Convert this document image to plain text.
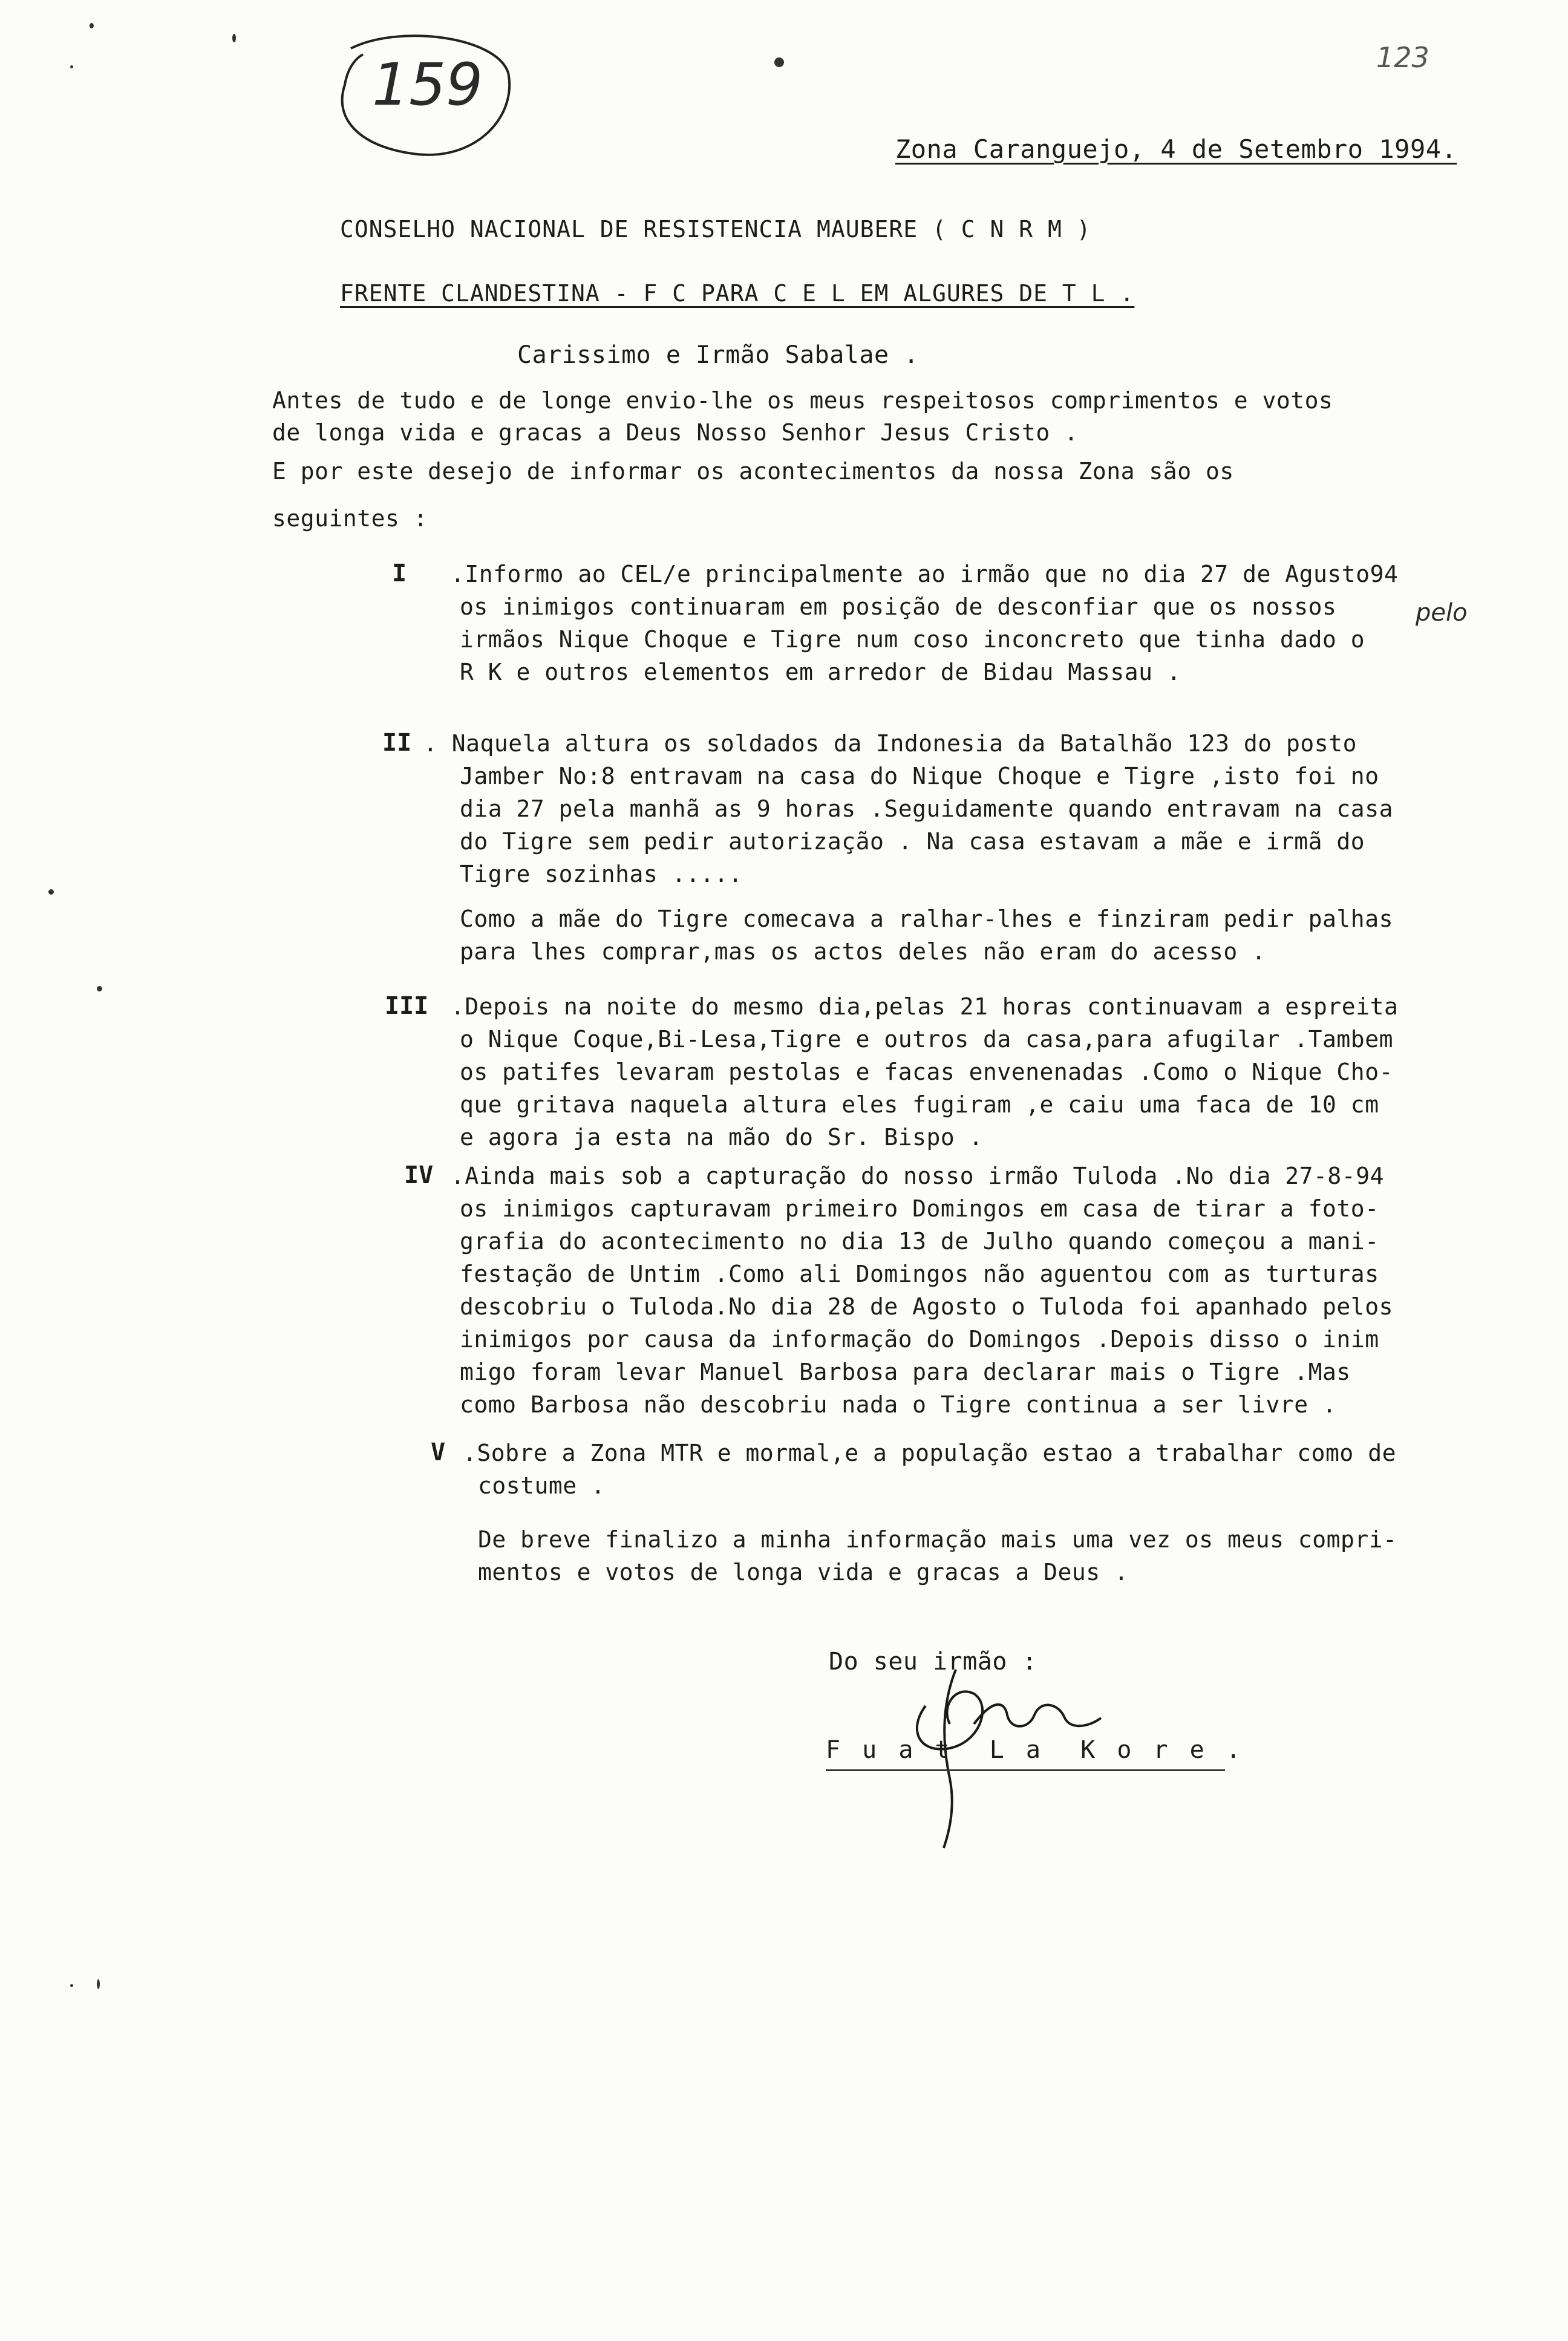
159	123
Zona Caranguejo, 4 de Setembro 1994.
CONSELHO NACIONAL DE RESISTENCIA MAUBERE ( C N R M )
FRENTE CLANDESTINA - F C PARA C E L EM ALGURES DE T L .
Carissimo e Irmão Sabalae .
Antes de tudo e de longe envio-lhe os meus respeitosos comprimentos e votos
de longa vida e gracas a Deus Nosso Senhor Jesus Cristo .
E por este desejo de informar os acontecimentos da nossa Zona são os
seguintes :
I .Informo ao CEL/e principalmente ao irmão que no dia 27 de Agusto94
os inimigos continuaram em posição de desconfiar que os nossos
irmãos Nique Choque e Tigre num coso inconcreto que tinha dado o
R K e outros elementos em arredor de Bidau Massau .
pelo
II . Naquela altura os soldados da Indonesia da Batalhão 123 do posto
Jamber No:8 entravam na casa do Nique Choque e Tigre ,isto foi no
dia 27 pela manhã as 9 horas .Seguidamente quando entravam na casa
do Tigre sem pedir autorização . Na casa estavam a mãe e irmã do
Tigre sozinhas .....
Como a mãe do Tigre comecava a ralhar-lhes e finziram pedir palhas
para lhes comprar,mas os actos deles não eram do acesso .
III .Depois na noite do mesmo dia,pelas 21 horas continuavam a espreita
o Nique Coque,Bi-Lesa,Tigre e outros da casa,para afugilar .Tambem
os patifes levaram pestolas e facas envenenadas .Como o Nique Cho-
que gritava naquela altura eles fugiram ,e caiu uma faca de 10 cm
e agora ja esta na mão do Sr. Bispo .
IV .Ainda mais sob a capturação do nosso irmão Tuloda .No dia 27-8-94
os inimigos capturavam primeiro Domingos em casa de tirar a foto-
grafia do acontecimento no dia 13 de Julho quando começou a mani-
festação de Untim .Como ali Domingos não aguentou com as turturas
descobriu o Tuloda.No dia 28 de Agosto o Tuloda foi apanhado pelos
inimigos por causa da informação do Domingos .Depois disso o inim
migo foram levar Manuel Barbosa para declarar mais o Tigre .Mas
como Barbosa não descobriu nada o Tigre continua a ser livre .
V .Sobre a Zona MTR e mormal,e a população estao a trabalhar como de
costume .
De breve finalizo a minha informação mais uma vez os meus compri-
mentos e votos de longa vida e gracas a Deus .
Do seu irmão :
F u a t  L a  K o r e .
